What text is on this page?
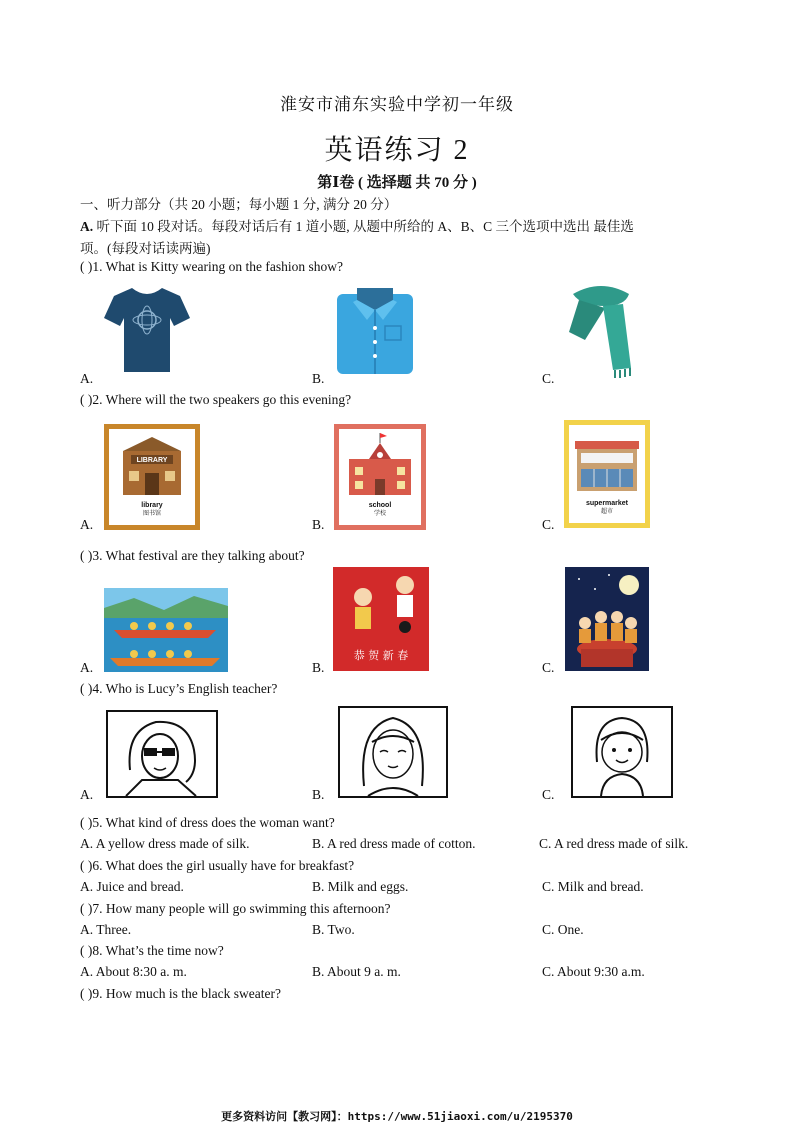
淮安市浦东实验中学初一年级
英语练习 2
第Ⅰ卷 ( 选择题 共 70 分 )
一、听力部分（共 20 小题；每小题 1 分, 满分 20 分）
A. 听下面 10 段对话。每段对话后有 1 道小题, 从题中所给的 A、B、C 三个选项中选出 最佳选
项。(每段对话读两遍)
( )1. What is Kitty wearing on the fashion show?
A.	B.	C.
( )2. Where will the two speakers go this evening?
LIBRARY
library
图书馆
school
学校
supermarket
超市
A.	B.	C.
( )3. What festival are they talking about?
恭 贺 新 春
A.	B.	C.
( )4. Who is Lucy’s English teacher?
A.	B.	C.
( )5. What kind of dress does the woman want?
A. A yellow dress made of silk.	B. A red dress made of cotton.	C. A red dress made of silk.
( )6. What does the girl usually have for breakfast?
A. Juice and bread.	B. Milk and eggs.	C. Milk and bread.
( )7. How many people will go swimming this afternoon?
A. Three.	B. Two.	C. One.
( )8. What’s the time now?
A. About 8:30 a. m.	B. About 9 a. m.	C. About 9:30 a.m.
( )9. How much is the black sweater?
更多资料访问【教习网】：https://www.51jiaoxi.com/u/2195370
